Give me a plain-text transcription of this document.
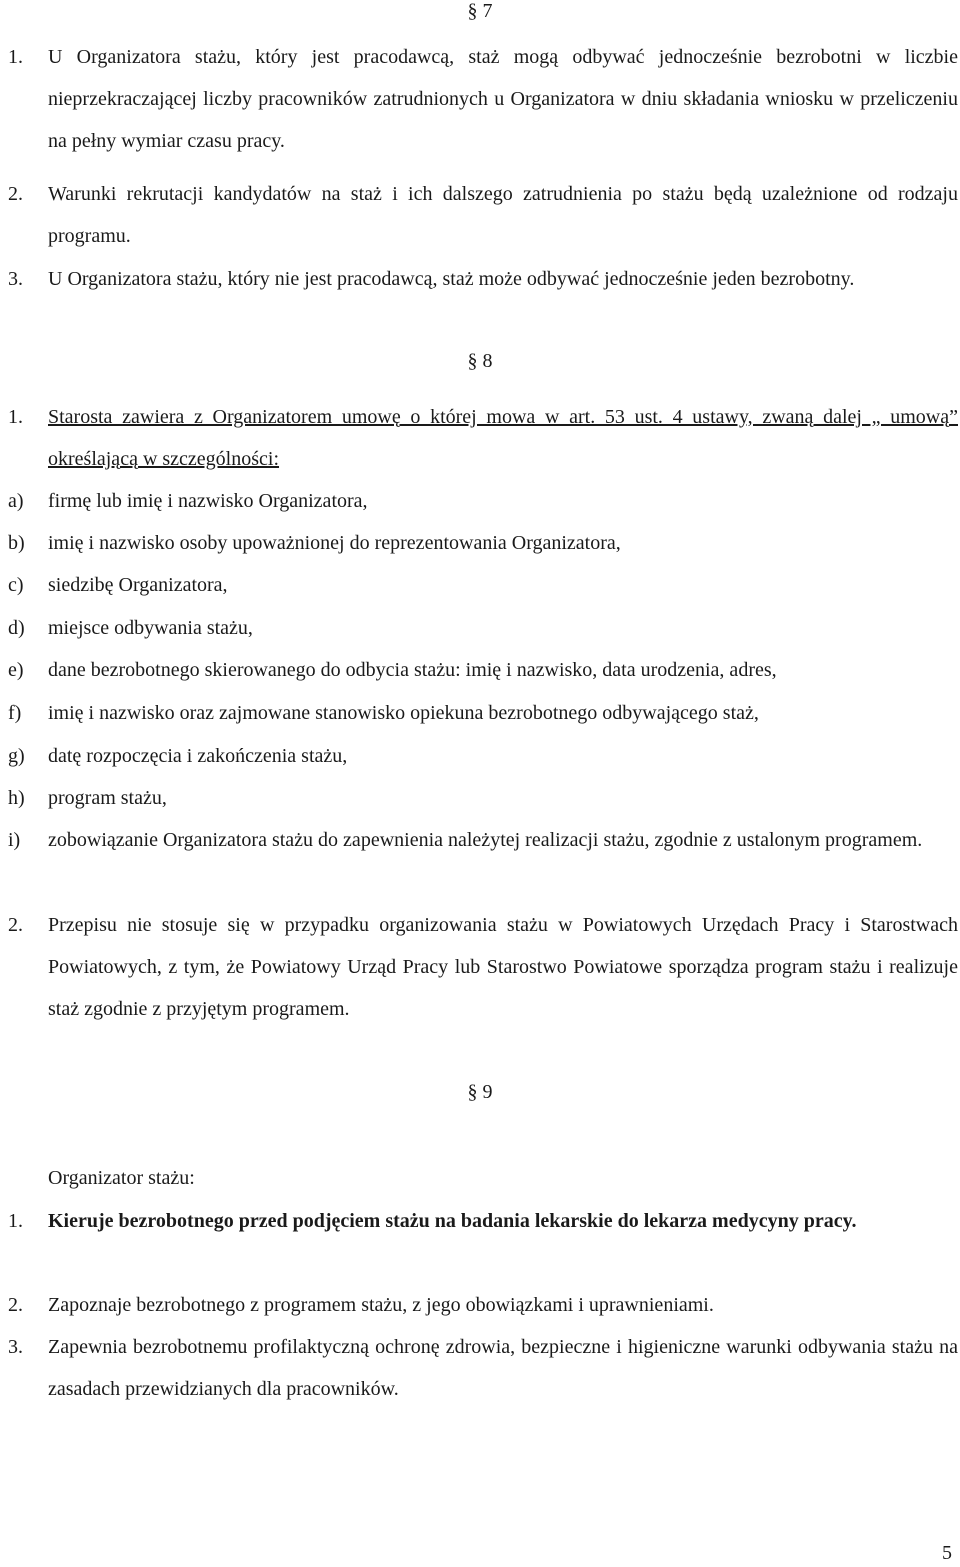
§ 7
1. U Organizatora stażu, który jest pracodawcą, staż mogą odbywać jednocześnie bezrobotni w liczbie nieprzekraczającej liczby pracowników zatrudnionych u Organizatora w dniu składania wniosku w przeliczeniu na pełny wymiar czasu pracy.
2. Warunki rekrutacji kandydatów na staż i ich dalszego zatrudnienia po stażu będą uzależnione od rodzaju programu.
3. U Organizatora stażu, który nie jest pracodawcą, staż może odbywać jednocześnie jeden bezrobotny.
§ 8
1. Starosta zawiera z Organizatorem umowę o której mowa w art. 53 ust. 4 ustawy, zwaną dalej „ umową” określającą w szczególności:
a) firmę lub imię i nazwisko Organizatora,
b) imię i nazwisko osoby upoważnionej do reprezentowania Organizatora,
c) siedzibę Organizatora,
d) miejsce odbywania stażu,
e) dane bezrobotnego skierowanego do odbycia stażu: imię i nazwisko, data urodzenia, adres,
f) imię i nazwisko oraz zajmowane stanowisko opiekuna bezrobotnego odbywającego staż,
g) datę rozpoczęcia i zakończenia stażu,
h) program stażu,
i) zobowiązanie Organizatora stażu do zapewnienia należytej realizacji stażu, zgodnie z ustalonym programem.
2. Przepisu nie stosuje się w przypadku organizowania stażu w Powiatowych Urzędach Pracy i Starostwach Powiatowych, z tym, że Powiatowy Urząd Pracy lub Starostwo Powiatowe sporządza program stażu i realizuje staż zgodnie z przyjętym programem.
§ 9
Organizator stażu:
1. Kieruje bezrobotnego przed podjęciem stażu na badania lekarskie do lekarza medycyny pracy.
2. Zapoznaje bezrobotnego z programem stażu, z jego obowiązkami i uprawnieniami.
3. Zapewnia bezrobotnemu profilaktyczną ochronę zdrowia, bezpieczne i higieniczne warunki odbywania stażu na zasadach przewidzianych dla pracowników.
5
